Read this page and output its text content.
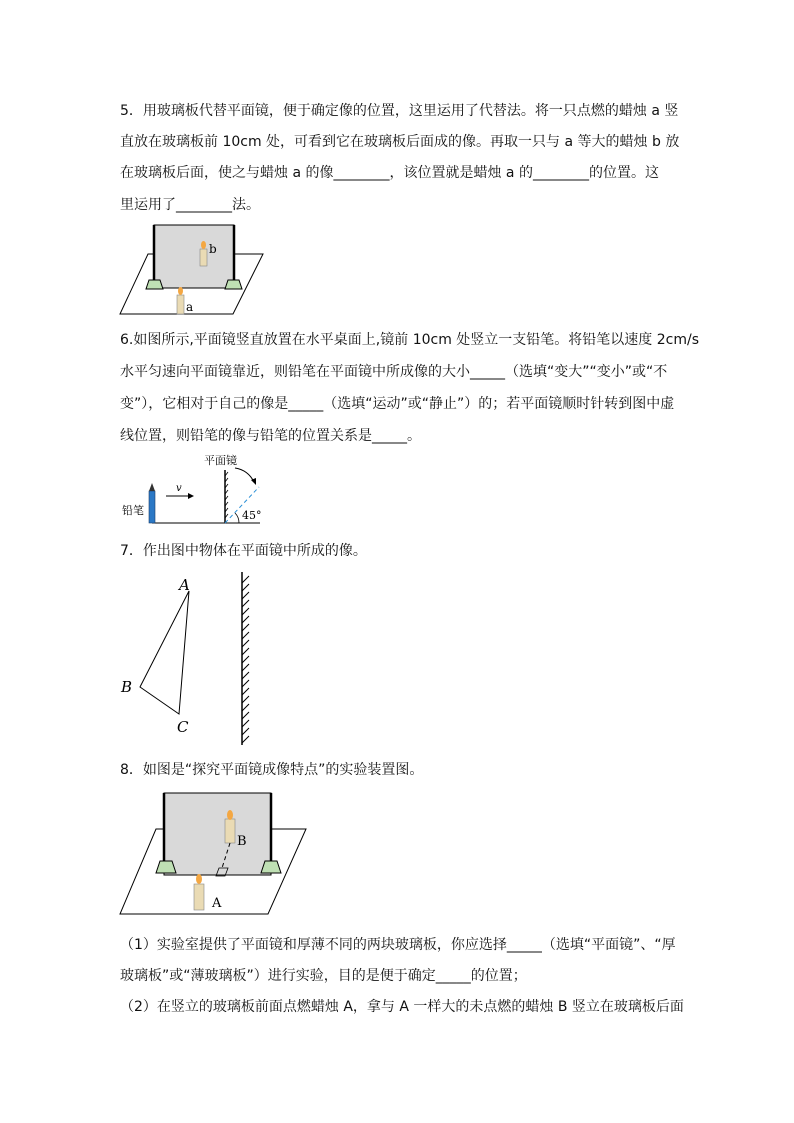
5．用玻璃板代替平面镜，便于确定像的位置，这里运用了代替法。将一只点燃的蜡烛 a 竖
直放在玻璃板前 10cm 处，可看到它在玻璃板后面成的像。再取一只与 a 等大的蜡烛 b 放
在玻璃板后面，使之与蜡烛 a 的像________，该位置就是蜡烛 a 的________的位置。这
里运用了________法。
b
a
6.如图所示,平面镜竖直放置在水平桌面上,镜前 10cm 处竖立一支铅笔。将铅笔以速度 2cm/s
水平匀速向平面镜靠近，则铅笔在平面镜中所成像的大小_____（选填“变大”“变小”或“不
变”），它相对于自己的像是_____（选填“运动”或“静止”）的；若平面镜顺时针转到图中虚
线位置，则铅笔的像与铅笔的位置关系是_____。
铅笔
v
平面镜
45°
7．作出图中物体在平面镜中所成的像。
A
B
C
8．如图是“探究平面镜成像特点”的实验装置图。
B
A
（1）实验室提供了平面镜和厚薄不同的两块玻璃板，你应选择_____（选填“平面镜”、“厚
玻璃板”或“薄玻璃板”）进行实验，目的是便于确定_____的位置；
（2）在竖立的玻璃板前面点燃蜡烛 A，拿与 A 一样大的未点燃的蜡烛 B 竖立在玻璃板后面
